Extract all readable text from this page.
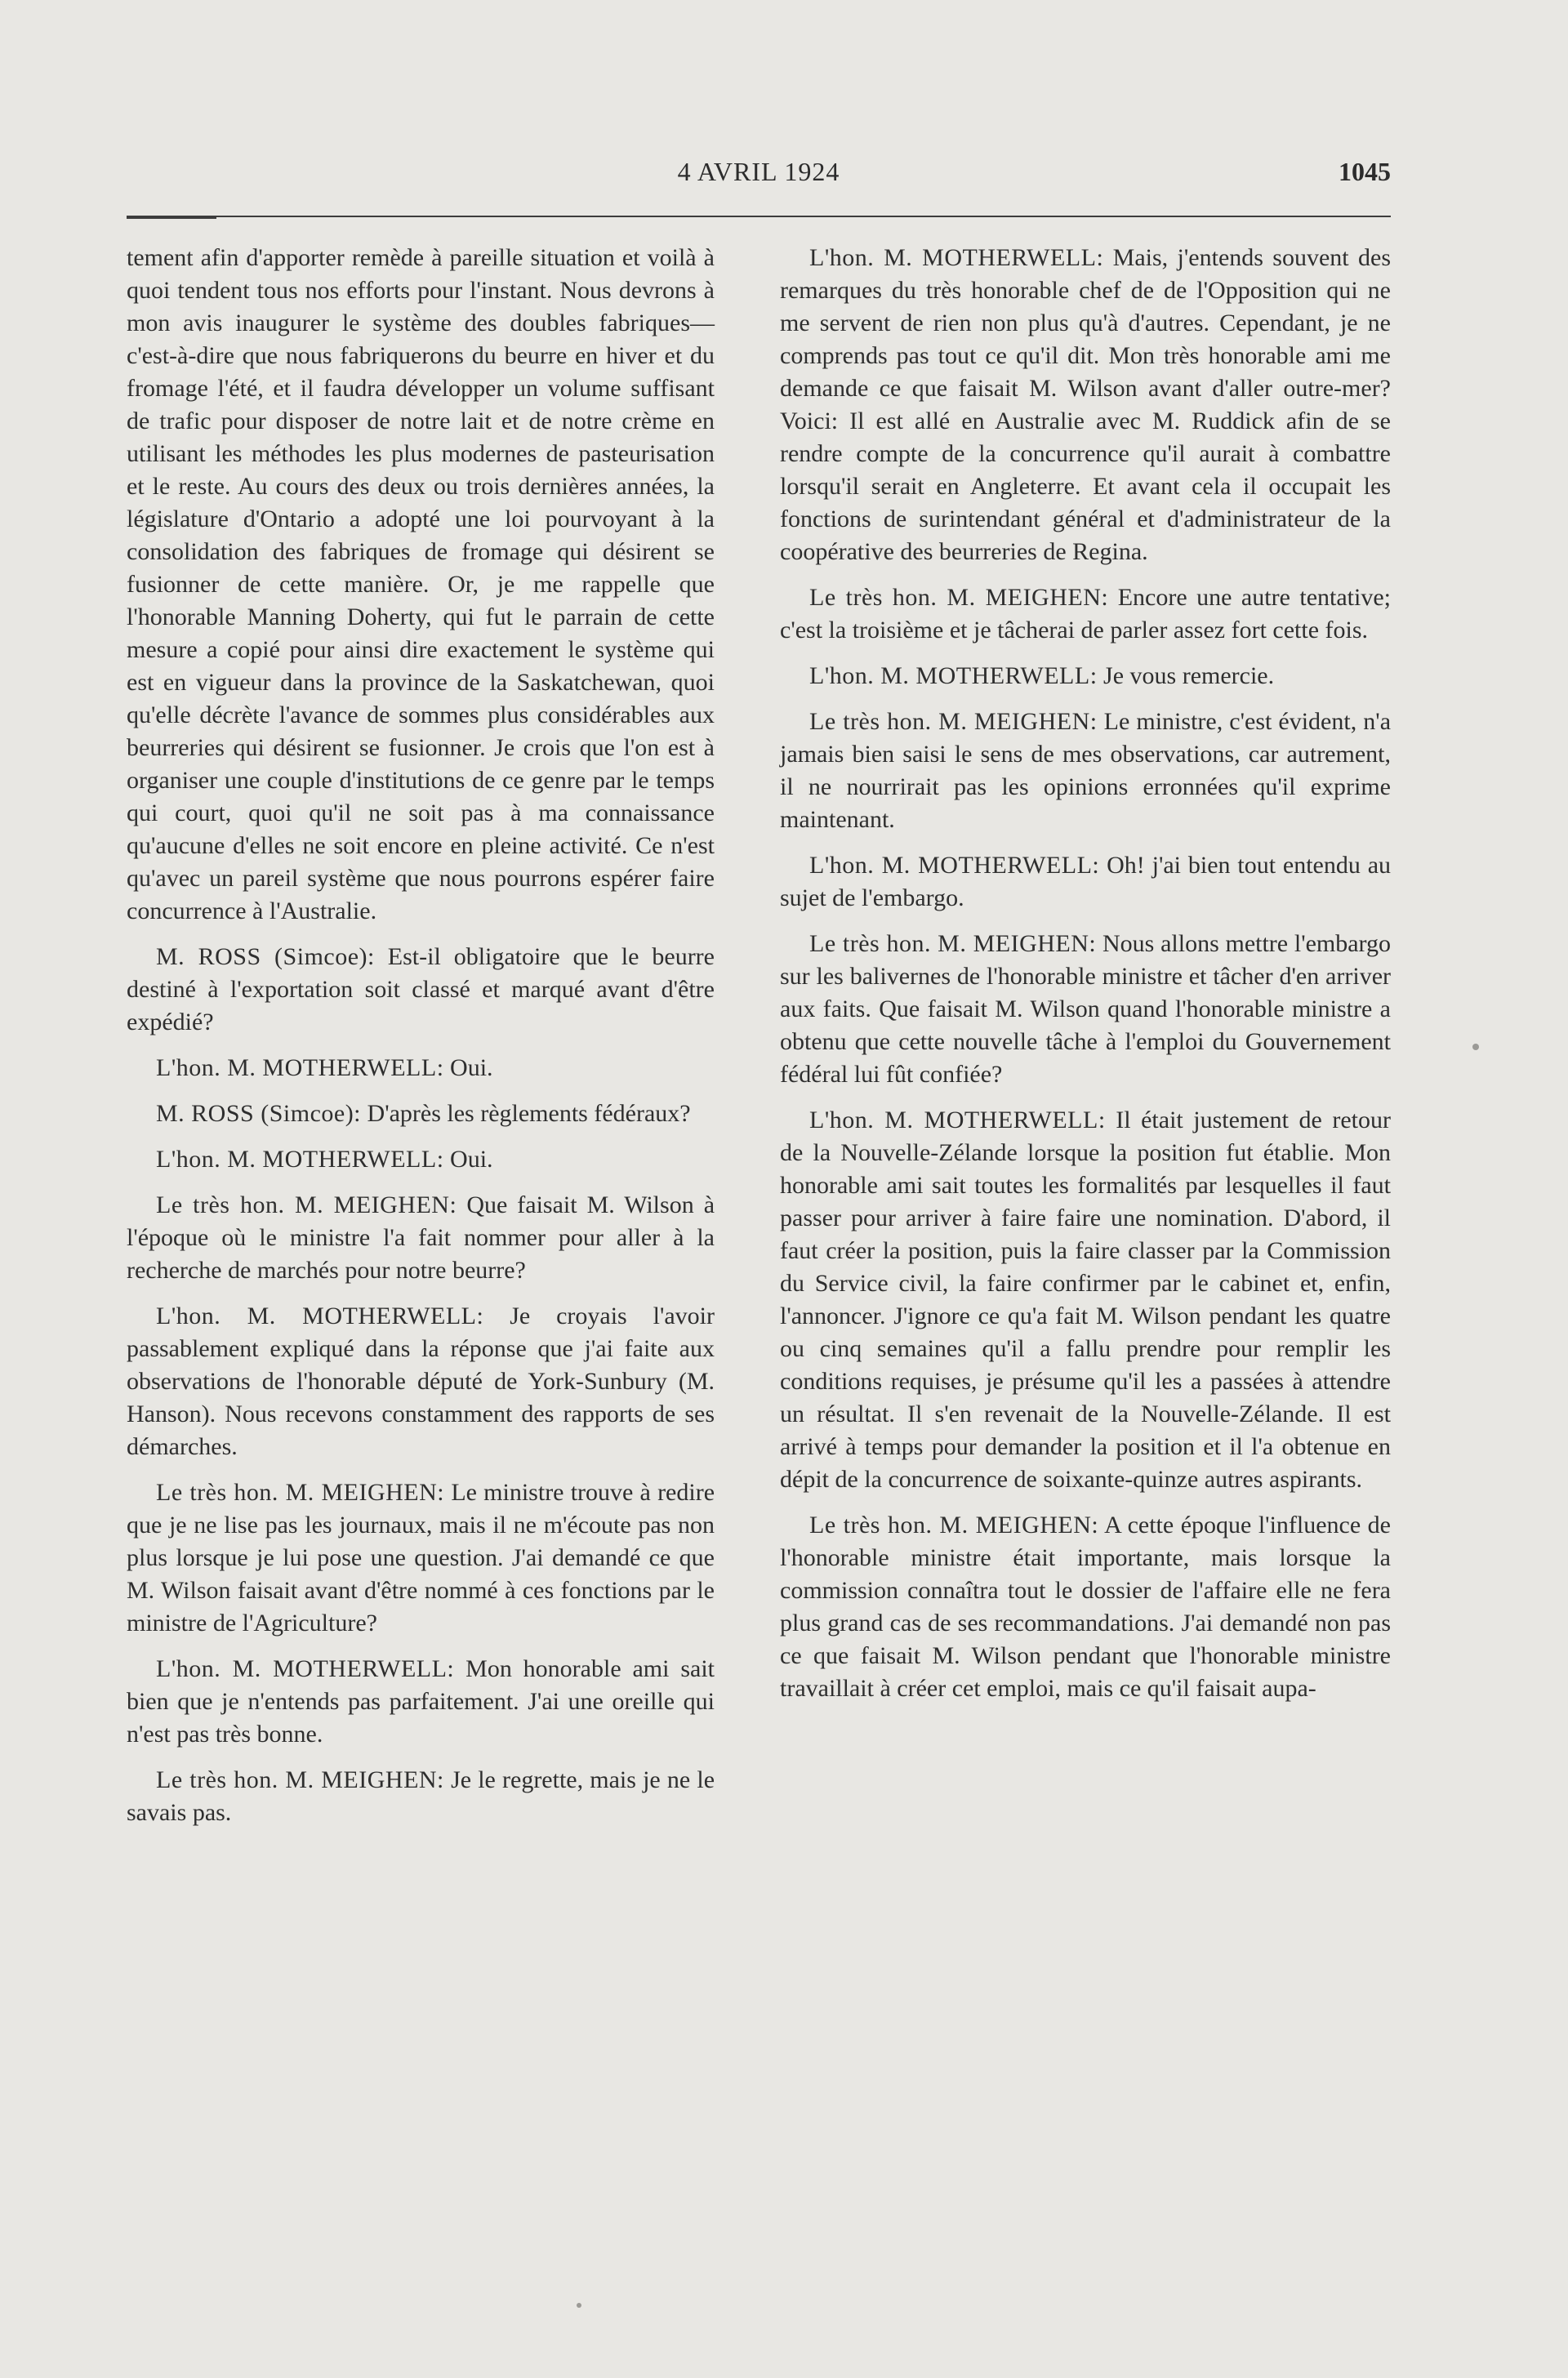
4 AVRIL 1924	1045

tement afin d'apporter remède à pareille situation et voilà à quoi tendent tous nos efforts pour l'instant. Nous devrons à mon avis inaugurer le système des doubles fabriques—c'est-à-dire que nous fabriquerons du beurre en hiver et du fromage l'été, et il faudra développer un volume suffisant de trafic pour disposer de notre lait et de notre crème en utilisant les méthodes les plus modernes de pasteurisation et le reste. Au cours des deux ou trois dernières années, la législature d'Ontario a adopté une loi pourvoyant à la consolidation des fabriques de fromage qui désirent se fusionner de cette manière. Or, je me rappelle que l'honorable Manning Doherty, qui fut le parrain de cette mesure a copié pour ainsi dire exactement le système qui est en vigueur dans la province de la Saskatchewan, quoi qu'elle décrète l'avance de sommes plus considérables aux beurreries qui désirent se fusionner. Je crois que l'on est à organiser une couple d'institutions de ce genre par le temps qui court, quoi qu'il ne soit pas à ma connaissance qu'aucune d'elles ne soit encore en pleine activité. Ce n'est qu'avec un pareil système que nous pourrons espérer faire concurrence à l'Australie.

M. ROSS (Simcoe): Est-il obligatoire que le beurre destiné à l'exportation soit classé et marqué avant d'être expédié?

L'hon. M. MOTHERWELL: Oui.

M. ROSS (Simcoe): D'après les règlements fédéraux?

L'hon. M. MOTHERWELL: Oui.

Le très hon. M. MEIGHEN: Que faisait M. Wilson à l'époque où le ministre l'a fait nommer pour aller à la recherche de marchés pour notre beurre?

L'hon. M. MOTHERWELL: Je croyais l'avoir passablement expliqué dans la réponse que j'ai faite aux observations de l'honorable député de York-Sunbury (M. Hanson). Nous recevons constamment des rapports de ses démarches.

Le très hon. M. MEIGHEN: Le ministre trouve à redire que je ne lise pas les journaux, mais il ne m'écoute pas non plus lorsque je lui pose une question. J'ai demandé ce que M. Wilson faisait avant d'être nommé à ces fonctions par le ministre de l'Agriculture?

L'hon. M. MOTHERWELL: Mon honorable ami sait bien que je n'entends pas parfaitement. J'ai une oreille qui n'est pas très bonne.

Le très hon. M. MEIGHEN: Je le regrette, mais je ne le savais pas.

L'hon. M. MOTHERWELL: Mais, j'entends souvent des remarques du très honorable chef de de l'Opposition qui ne me servent de rien non plus qu'à d'autres. Cependant, je ne comprends pas tout ce qu'il dit. Mon très honorable ami me demande ce que faisait M. Wilson avant d'aller outre-mer? Voici: Il est allé en Australie avec M. Ruddick afin de se rendre compte de la concurrence qu'il aurait à combattre lorsqu'il serait en Angleterre. Et avant cela il occupait les fonctions de surintendant général et d'administrateur de la coopérative des beurreries de Regina.

Le très hon. M. MEIGHEN: Encore une autre tentative; c'est la troisième et je tâcherai de parler assez fort cette fois.

L'hon. M. MOTHERWELL: Je vous remercie.

Le très hon. M. MEIGHEN: Le ministre, c'est évident, n'a jamais bien saisi le sens de mes observations, car autrement, il ne nourrirait pas les opinions erronnées qu'il exprime maintenant.

L'hon. M. MOTHERWELL: Oh! j'ai bien tout entendu au sujet de l'embargo.

Le très hon. M. MEIGHEN: Nous allons mettre l'embargo sur les balivernes de l'honorable ministre et tâcher d'en arriver aux faits. Que faisait M. Wilson quand l'honorable ministre a obtenu que cette nouvelle tâche à l'emploi du Gouvernement fédéral lui fût confiée?

L'hon. M. MOTHERWELL: Il était justement de retour de la Nouvelle-Zélande lorsque la position fut établie. Mon honorable ami sait toutes les formalités par lesquelles il faut passer pour arriver à faire faire une nomination. D'abord, il faut créer la position, puis la faire classer par la Commission du Service civil, la faire confirmer par le cabinet et, enfin, l'annoncer. J'ignore ce qu'a fait M. Wilson pendant les quatre ou cinq semaines qu'il a fallu prendre pour remplir les conditions requises, je présume qu'il les a passées à attendre un résultat. Il s'en revenait de la Nouvelle-Zélande. Il est arrivé à temps pour demander la position et il l'a obtenue en dépit de la concurrence de soixante-quinze autres aspirants.

Le très hon. M. MEIGHEN: A cette époque l'influence de l'honorable ministre était importante, mais lorsque la commission connaîtra tout le dossier de l'affaire elle ne fera plus grand cas de ses recommandations. J'ai demandé non pas ce que faisait M. Wilson pendant que l'honorable ministre travaillait à créer cet emploi, mais ce qu'il faisait aupa-
